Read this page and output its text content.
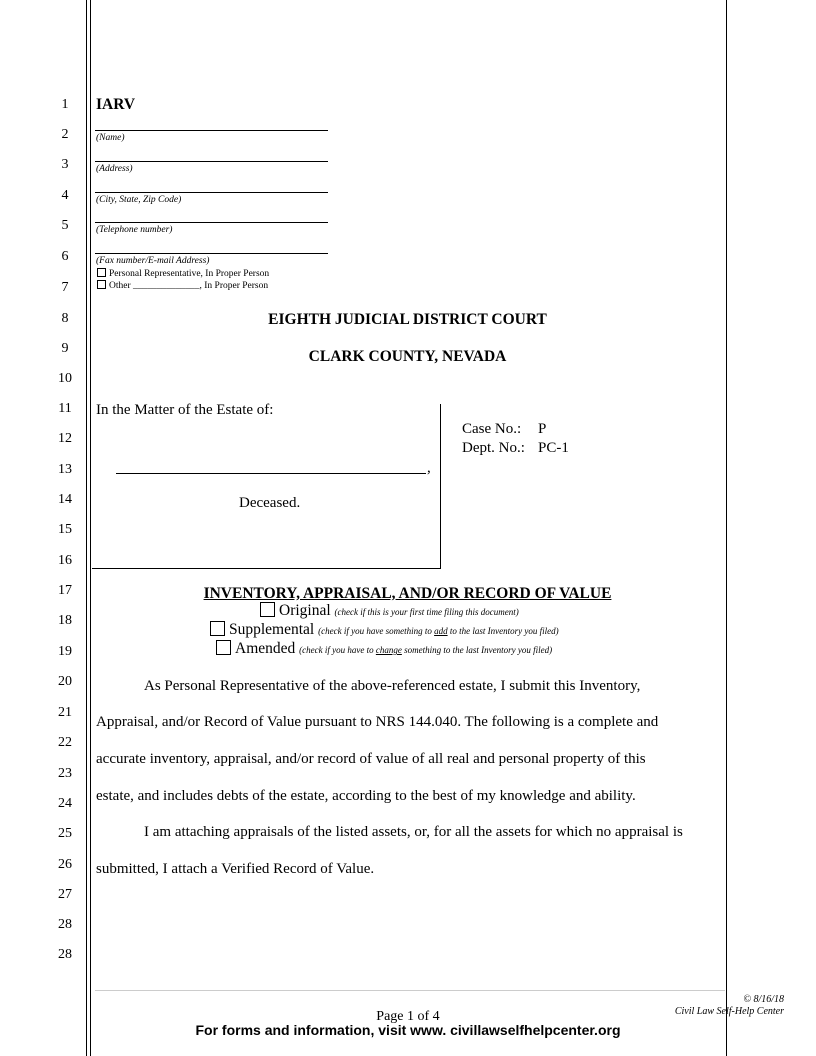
1
2
3
4
5
6
7
8
9
10
11
12
13
14
15
16
17
18
19
20
21
22
23
24
25
26
27
28
28
IARV
(Name)
(Address)
(City, State, Zip Code)
(Telephone number)
(Fax number/E-mail Address)
Personal Representative, In Proper Person
Other ______________, In Proper Person
EIGHTH JUDICIAL DISTRICT COURT
CLARK COUNTY, NEVADA
In the Matter of the Estate of:
,
Deceased.
Case No.: P
Dept. No.: PC-1
INVENTORY, APPRAISAL, AND/OR RECORD OF VALUE
Original (check if this is your first time filing this document)
Supplemental (check if you have something to add to the last Inventory you filed)
Amended (check if you have to change something to the last Inventory you filed)
As Personal Representative of the above-referenced estate, I submit this Inventory,
Appraisal, and/or Record of Value pursuant to NRS 144.040. The following is a complete and
accurate inventory, appraisal, and/or record of value of all real and personal property of this
estate, and includes debts of the estate, according to the best of my knowledge and ability.
I am attaching appraisals of the listed assets, or, for all the assets for which no appraisal is
submitted, I attach a Verified Record of Value.
Page 1 of 4
For forms and information, visit www. civillawselfhelpcenter.org
© 8/16/18
Civil Law Self-Help Center
